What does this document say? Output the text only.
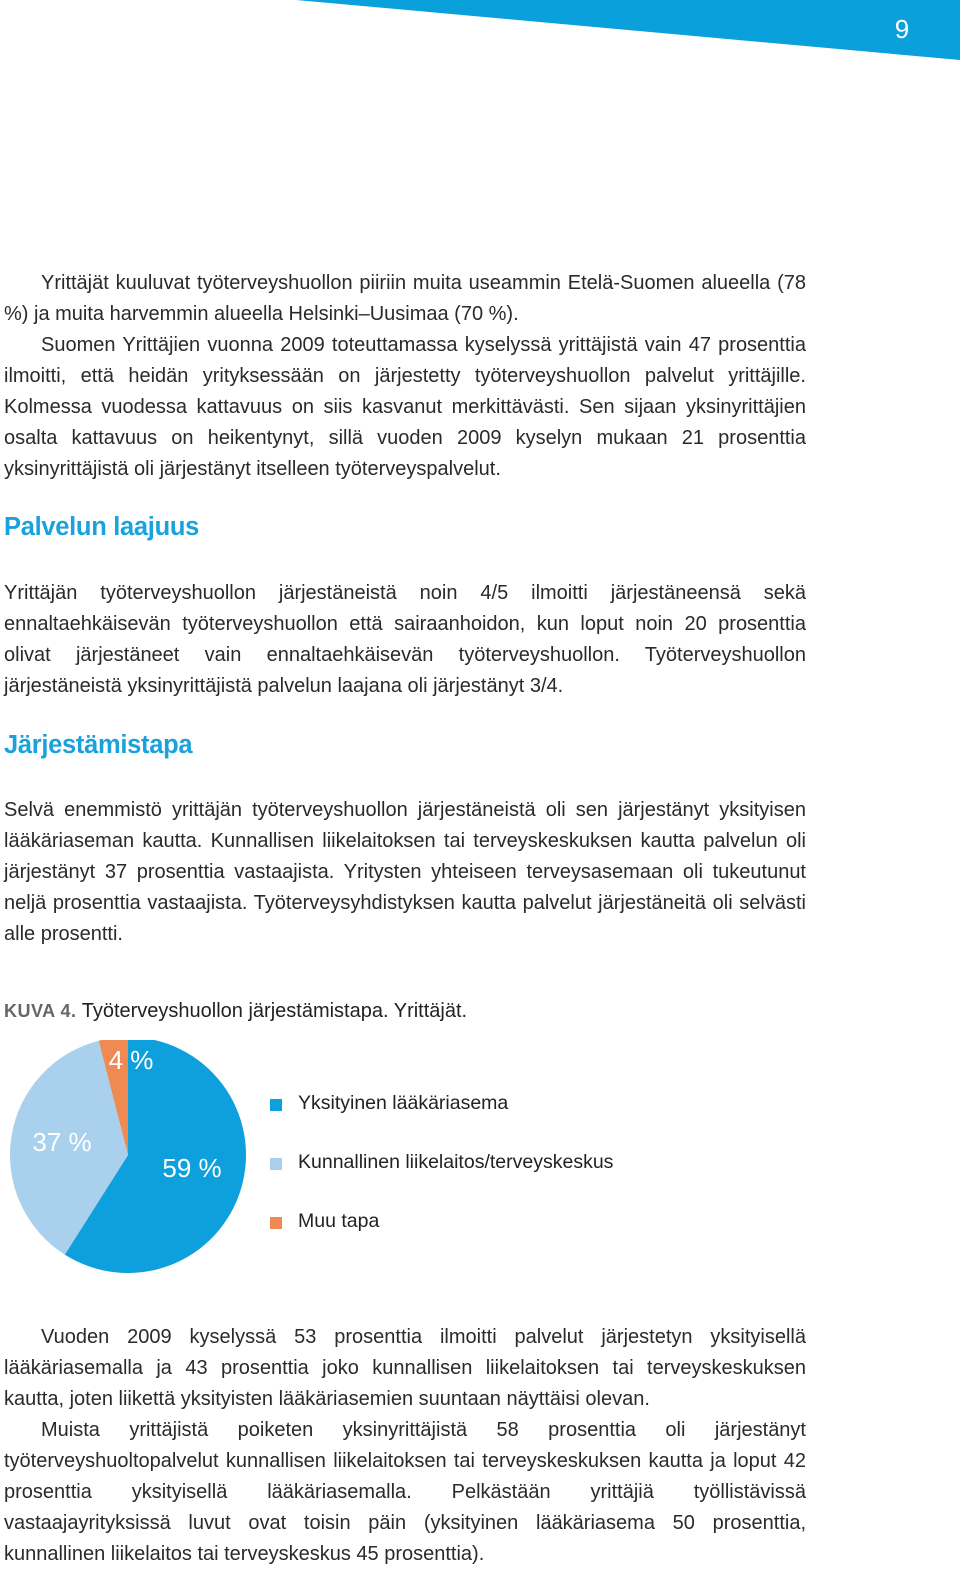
9

Yrittäjät kuuluvat työterveyshuollon piiriin muita useammin Etelä-Suomen alueella (78 %) ja muita harvemmin alueella Helsinki–Uusimaa (70 %).

Suomen Yrittäjien vuonna 2009 toteuttamassa kyselyssä yrittäjistä vain 47 prosenttia ilmoitti, että heidän yrityksessään on järjestetty työterveyshuollon palvelut yrittäjille. Kolmessa vuodessa kattavuus on siis kasvanut merkittävästi. Sen sijaan yksinyrittäjien osalta kattavuus on heikentynyt, sillä vuoden 2009 kyselyn mukaan 21 prosenttia yksinyrittäjistä oli järjestänyt itselleen työterveyspalvelut.

Palvelun laajuus

Yrittäjän työterveyshuollon järjestäneistä noin 4/5 ilmoitti järjestäneensä sekä ennaltaehkäisevän työterveyshuollon että sairaanhoidon, kun loput noin 20 prosenttia olivat järjestäneet vain ennaltaehkäisevän työterveyshuollon. Työterveyshuollon järjestäneistä yksinyrittäjistä palvelun laajana oli järjestänyt 3/4.

Järjestämistapa

Selvä enemmistö yrittäjän työterveyshuollon järjestäneistä oli sen järjestänyt yksityisen lääkäriaseman kautta. Kunnallisen liikelaitoksen tai terveyskeskuksen kautta palvelun oli järjestänyt 37 prosenttia vastaajista. Yritysten yhteiseen terveysasemaan oli tukeutunut neljä prosenttia vastaajista. Työterveysyhdistyksen kautta palvelut järjestäneitä oli selvästi alle prosentti.

KUVA 4. Työterveyshuollon järjestämistapa. Yrittäjät.
59 %
37 %
4 %
Yksityinen lääkäriasema
Kunnallinen liikelaitos/terveyskeskus
Muu tapa

Vuoden 2009 kyselyssä 53 prosenttia ilmoitti palvelut järjestetyn yksityisellä lääkäriasemalla ja 43 prosenttia joko kunnallisen liikelaitoksen tai terveyskeskuksen kautta, joten liikettä yksityisten lääkäriasemien suuntaan näyttäisi olevan.

Muista yrittäjistä poiketen yksinyrittäjistä 58 prosenttia oli järjestänyt työterveyshuoltopalvelut kunnallisen liikelaitoksen tai terveyskeskuksen kautta ja loput 42 prosenttia yksityisellä lääkäriasemalla. Pelkästään yrittäjiä työllistävissä vastaajayrityksissä luvut ovat toisin päin (yksityinen lääkäriasema 50 prosenttia, kunnallinen liikelaitos tai terveyskeskus 45 prosenttia).
